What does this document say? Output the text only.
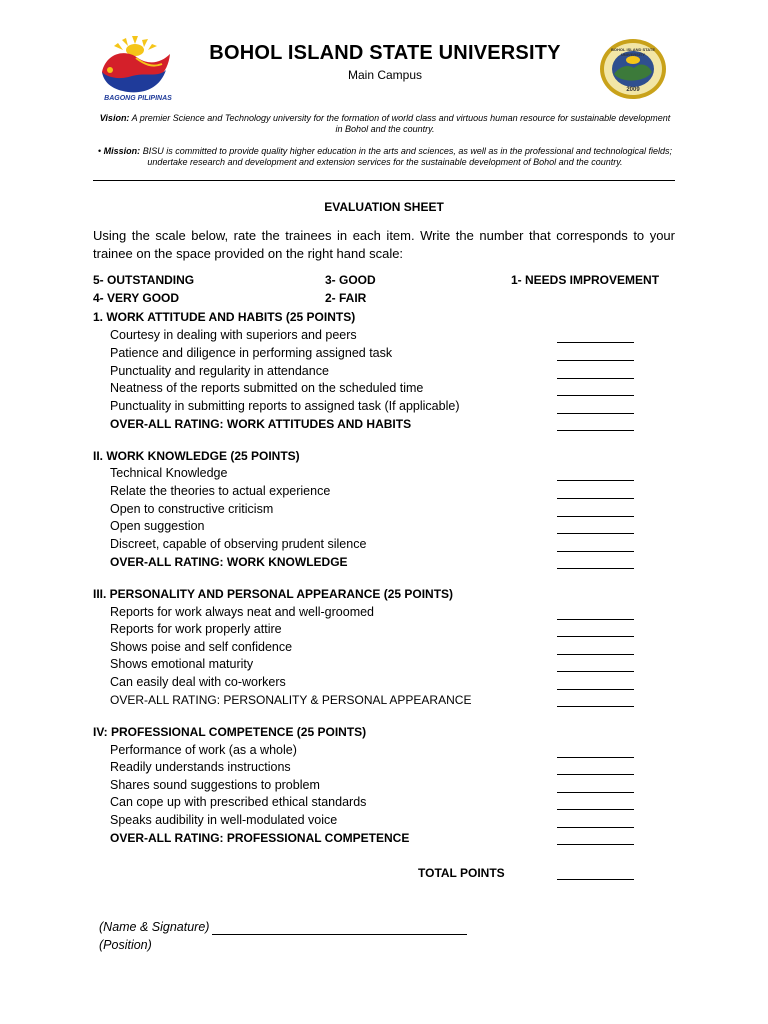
BAGONG PILIPINAS
BOHOL ISLAND STATE UNIVERSITY
Main Campus
BOHOL ISLAND STATE UNIVERSITY
2009
Vision: A premier Science and Technology university for the formation of world class and virtuous human resource for sustainable development in Bohol and the country.
• Mission: BISU is committed to provide quality higher education in the arts and sciences, as well as in the professional and technological fields; undertake research and development and extension services for the sustainable development of Bohol and the country.
EVALUATION SHEET
Using the scale below, rate the trainees in each item. Write the number that corresponds to your trainee on the space provided on the right hand scale:
5- OUTSTANDING
4- VERY GOOD
3- GOOD
2- FAIR
1- NEEDS IMPROVEMENT
1. WORK ATTITUDE AND HABITS (25 POINTS)
Courtesy in dealing with superiors and peers
Patience and diligence in performing assigned task
Punctuality and regularity in attendance
Neatness of the reports submitted on the scheduled time
Punctuality in submitting reports to assigned task (If applicable)
OVER-ALL RATING: WORK ATTITUDES AND HABITS
II. WORK KNOWLEDGE (25 POINTS)
Technical Knowledge
Relate the theories to actual experience
Open to constructive criticism
Open suggestion
Discreet, capable of observing prudent silence
OVER-ALL RATING: WORK KNOWLEDGE
III. PERSONALITY AND PERSONAL APPEARANCE (25 POINTS)
Reports for work always neat and well-groomed
Reports for work properly attire
Shows poise and self confidence
Shows emotional maturity
Can easily deal with co-workers
OVER-ALL RATING: PERSONALITY & PERSONAL APPEARANCE
IV: PROFESSIONAL COMPETENCE (25 POINTS)
Performance of work (as a whole)
Readily understands instructions
Shares sound suggestions to problem
Can cope up with prescribed ethical standards
Speaks audibility in well-modulated voice
OVER-ALL RATING: PROFESSIONAL COMPETENCE
TOTAL POINTS
(Name & Signature)
(Position)
